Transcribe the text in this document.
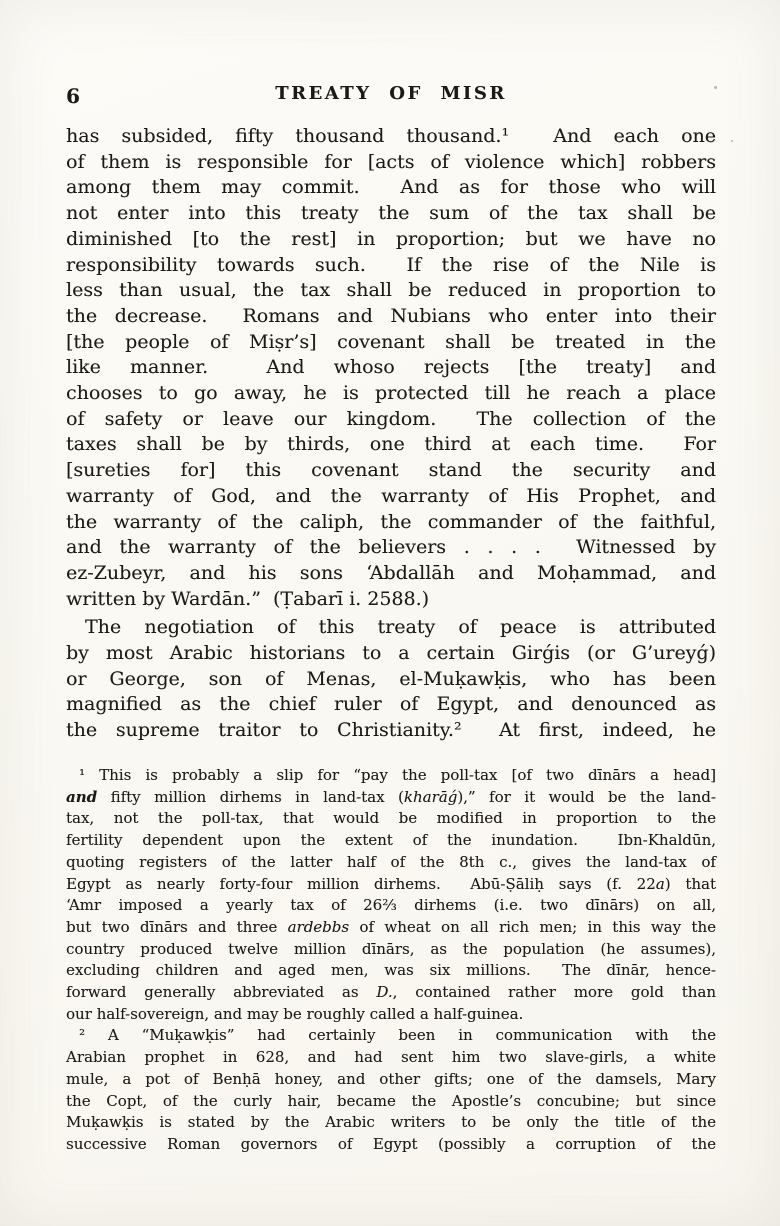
6	TREATY OF MISR
has subsided, fifty thousand thousand.¹  And each one
of them is responsible for [acts of violence which] robbers
among them may commit.  And as for those who will
not enter into this treaty the sum of the tax shall be
diminished [to the rest] in proportion; but we have no
responsibility towards such.  If the rise of the Nile is
less than usual, the tax shall be reduced in proportion to
the decrease.  Romans and Nubians who enter into their
[the people of Miṣr’s] covenant shall be treated in the
like manner.  And whoso rejects [the treaty] and
chooses to go away, he is protected till he reach a place
of safety or leave our kingdom.  The collection of the
taxes shall be by thirds, one third at each time.  For
[sureties for] this covenant stand the security and
warranty of God, and the warranty of His Prophet, and
the warranty of the caliph, the commander of the faithful,
and the warranty of the believers . . . .  Witnessed by
ez-Zubeyr, and his sons ‘Abdallāh and Moḥammad, and
written by Wardān.”  (Ṭabarī i. 2588.)
The negotiation of this treaty of peace is attributed
by most Arabic historians to a certain Girǵis (or G’ureyǵ)
or George, son of Menas, el-Muḳawḳis, who has been
magnified as the chief ruler of Egypt, and denounced as
the supreme traitor to Christianity.²  At first, indeed, he
¹ This is probably a slip for “pay the poll-tax [of two dīnārs a head]
and fifty million dirhems in land-tax (kharāǵ),” for it would be the land-
tax, not the poll-tax, that would be modified in proportion to the
fertility dependent upon the extent of the inundation.  Ibn-Khaldūn,
quoting registers of the latter half of the 8th c., gives the land-tax of
Egypt as nearly forty-four million dirhems.  Abū-Ṣāliḥ says (f. 22a) that
‘Amr imposed a yearly tax of 26⅔ dirhems (i.e. two dīnārs) on all,
but two dīnārs and three ardebbs of wheat on all rich men; in this way the
country produced twelve million dīnārs, as the population (he assumes),
excluding children and aged men, was six millions.  The dīnār, hence-
forward generally abbreviated as D., contained rather more gold than
our half-sovereign, and may be roughly called a half-guinea.
² A “Muḳawḳis” had certainly been in communication with the
Arabian prophet in 628, and had sent him two slave-girls, a white
mule, a pot of Benḥā honey, and other gifts; one of the damsels, Mary
the Copt, of the curly hair, became the Apostle’s concubine; but since
Muḳawḳis is stated by the Arabic writers to be only the title of the
successive Roman governors of Egypt (possibly a corruption of the
